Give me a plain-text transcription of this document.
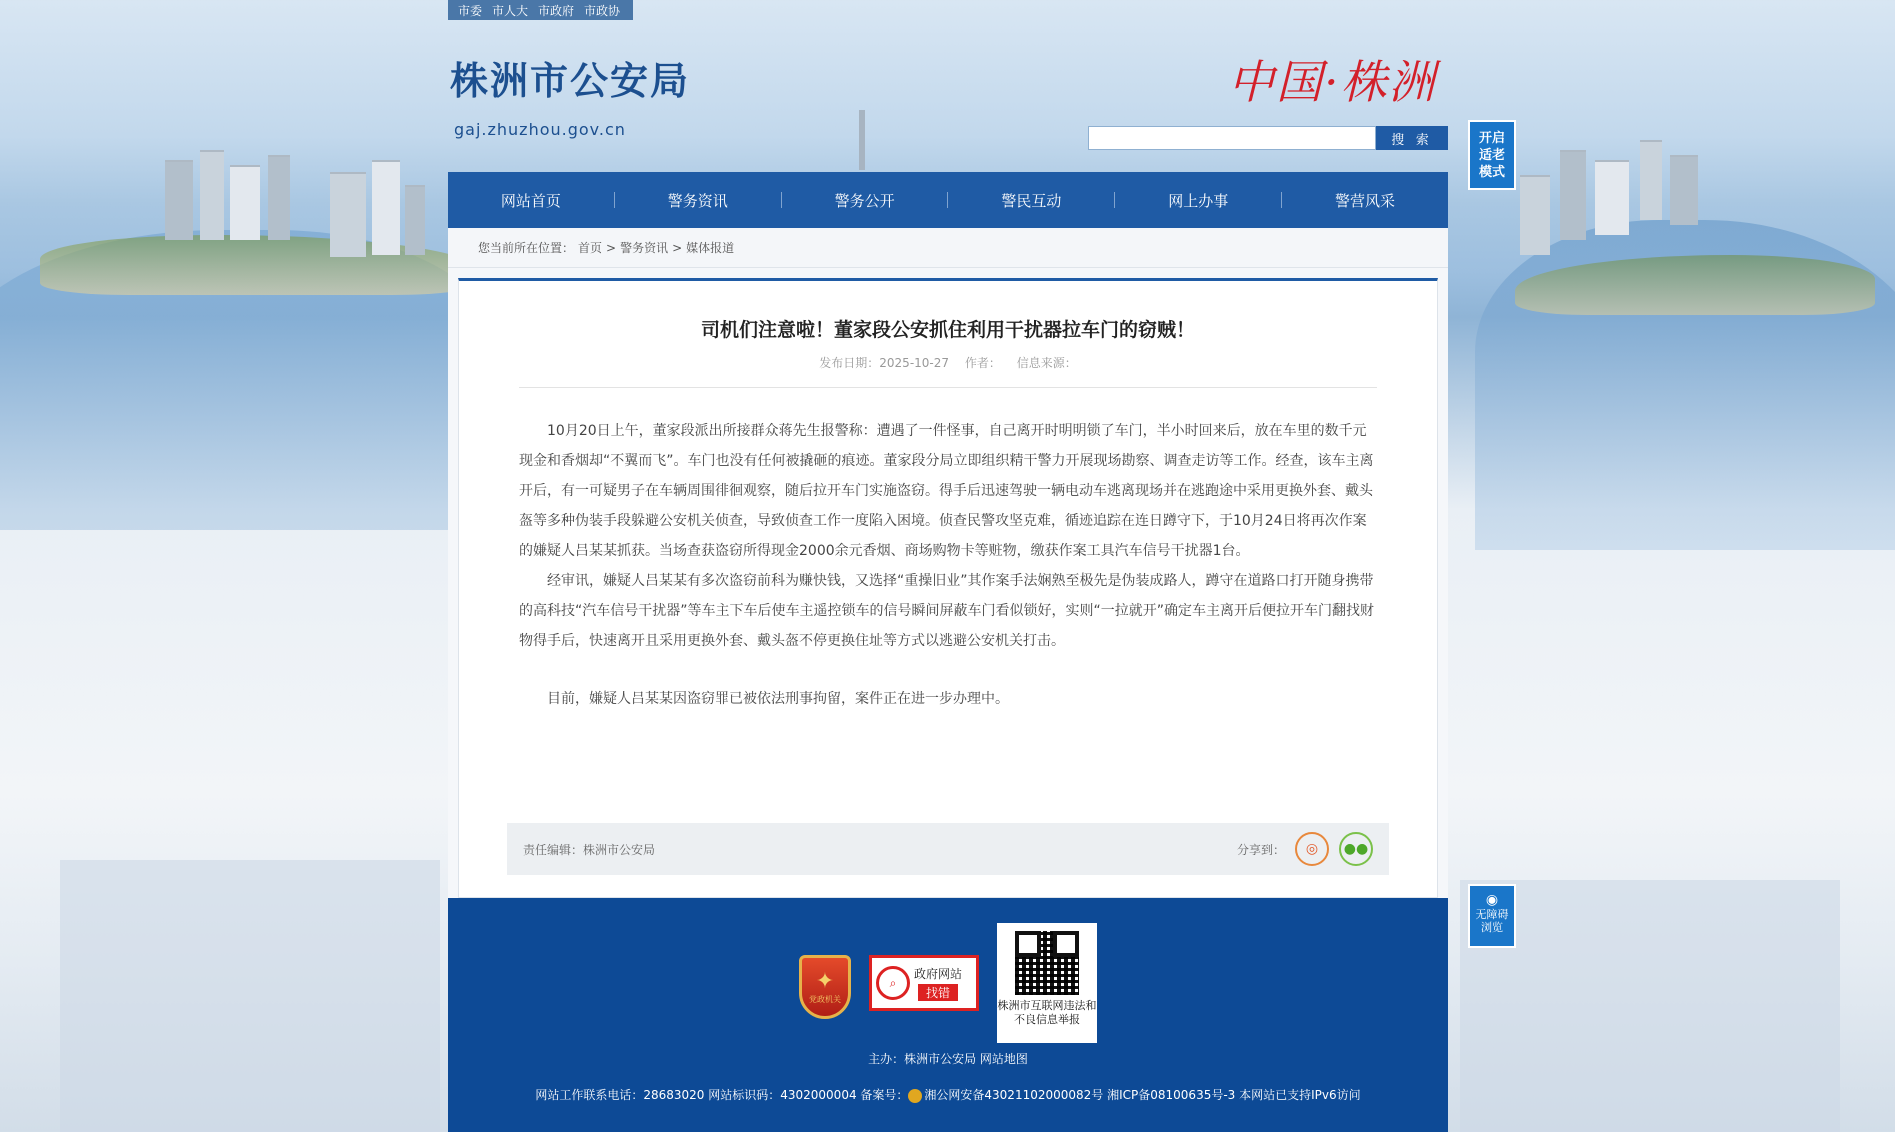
开启
适老
模式
◉
无障碍
浏览
市委 市人大 市政府 市政协
株洲市公安局
gaj.zhuzhou.gov.cn
中国·株洲
搜 索
网站首页	警务资讯	警务公开	警民互动	网上办事	警营风采
您当前所在位置： 首页 > 警务资讯 > 媒体报道
司机们注意啦！董家段公安抓住利用干扰器拉车门的窃贼！
发布日期：2025-10-27 作者： 信息来源：

10月20日上午，董家段派出所接群众蒋先生报警称：遭遇了一件怪事，自己离开时明明锁了车门，半小时回来后，放在车里的数千元现金和香烟却“不翼而飞”。车门也没有任何被撬砸的痕迹。董家段分局立即组织精干警力开展现场勘察、调查走访等工作。经查，该车主离开后，有一可疑男子在车辆周围徘徊观察，随后拉开车门实施盗窃。得手后迅速驾驶一辆电动车逃离现场并在逃跑途中采用更换外套、戴头盔等多种伪装手段躲避公安机关侦查，导致侦查工作一度陷入困境。侦查民警攻坚克难，循迹追踪在连日蹲守下，于10月24日将再次作案的嫌疑人吕某某抓获。当场查获盗窃所得现金2000余元香烟、商场购物卡等赃物，缴获作案工具汽车信号干扰器1台。

经审讯，嫌疑人吕某某有多次盗窃前科为赚快钱，又选择“重操旧业”其作案手法娴熟至极先是伪装成路人，蹲守在道路口打开随身携带的高科技“汽车信号干扰器”等车主下车后使车主遥控锁车的信号瞬间屏蔽车门看似锁好，实则“一拉就开”确定车主离开后便拉开车门翻找财物得手后，快速离开且采用更换外套、戴头盔不停更换住址等方式以逃避公安机关打击。

目前，嫌疑人吕某某因盗窃罪已被依法刑事拘留，案件正在进一步办理中。

责任编辑：株洲市公安局	分享到：	◎	●●
✦
党政机关
⌕
政府网站
找错
株洲市互联网违法和不良信息举报
主办：株洲市公安局 网站地图
网站工作联系电话：28683020 网站标识码：4302000004 备案号： 湘公网安备43021102000082号 湘ICP备08100635号-3 本网站已支持IPv6访问
